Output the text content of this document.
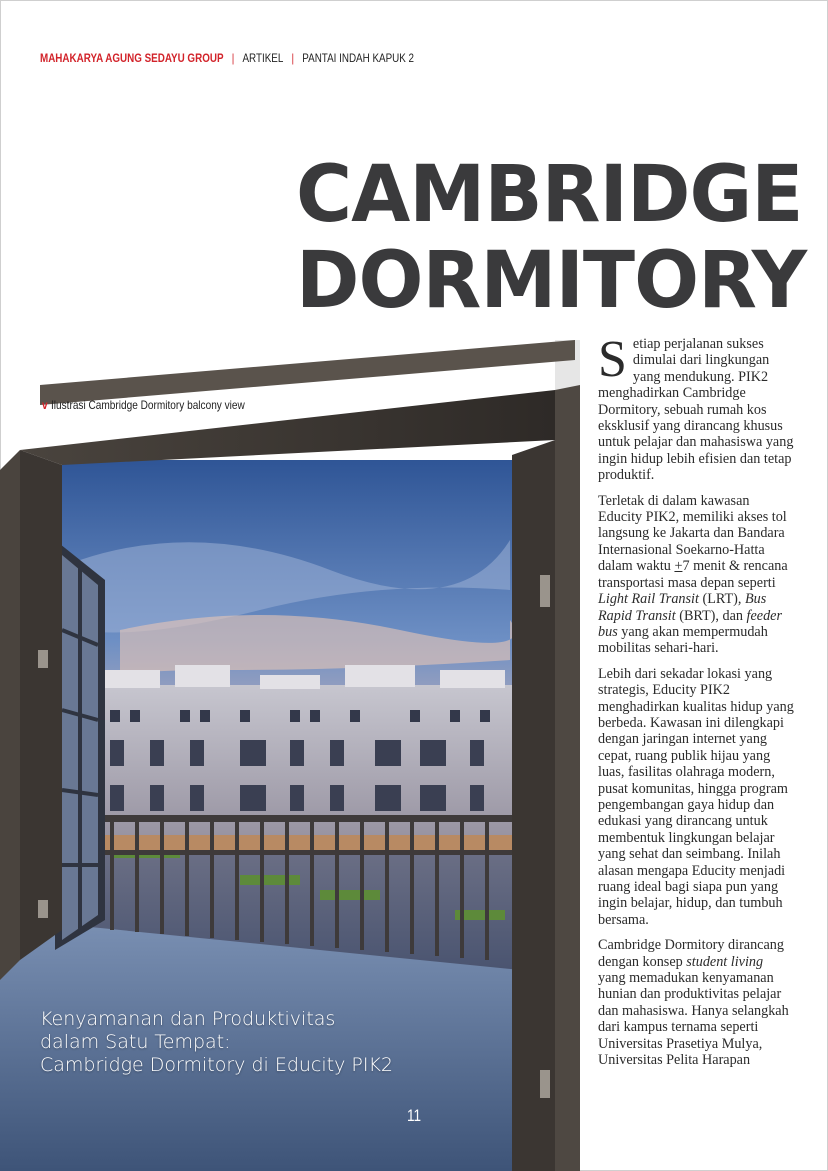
MAHAKARYA AGUNG SEDAYU GROUP | ARTIKEL | PANTAI INDAH KAPUK 2
CAMBRIDGE
DORMITORY
v Ilustrasi Cambridge Dormitory balcony view
Kenyamanan dan Produktivitas
dalam Satu Tempat:
Cambridge Dormitory di Educity PIK2
11

Setiap perjalanan sukses dimulai dari lingkungan yang mendukung. PIK2 menghadirkan Cambridge Dormitory, sebuah rumah kos eksklusif yang dirancang khusus untuk pelajar dan mahasiswa yang ingin hidup lebih efisien dan tetap produktif.

Terletak di dalam kawasan Educity PIK2, memiliki akses tol langsung ke Jakarta dan Bandara Internasional Soekarno-Hatta dalam waktu +7 menit & rencana transportasi masa depan seperti Light Rail Transit (LRT), Bus Rapid Transit (BRT), dan feeder bus yang akan mempermudah mobilitas sehari-hari.

Lebih dari sekadar lokasi yang strategis, Educity PIK2 menghadirkan kualitas hidup yang berbeda. Kawasan ini dilengkapi dengan jaringan internet yang cepat, ruang publik hijau yang luas, fasilitas olahraga modern, pusat komunitas, hingga program pengembangan gaya hidup dan edukasi yang dirancang untuk membentuk lingkungan belajar yang sehat dan seimbang. Inilah alasan mengapa Educity menjadi ruang ideal bagi siapa pun yang ingin belajar, hidup, dan tumbuh bersama.

Cambridge Dormitory dirancang dengan konsep student living yang memadukan kenyamanan hunian dan produktivitas pelajar dan mahasiswa. Hanya selangkah dari kampus ternama seperti Universitas Prasetiya Mulya, Universitas Pelita Harapan
